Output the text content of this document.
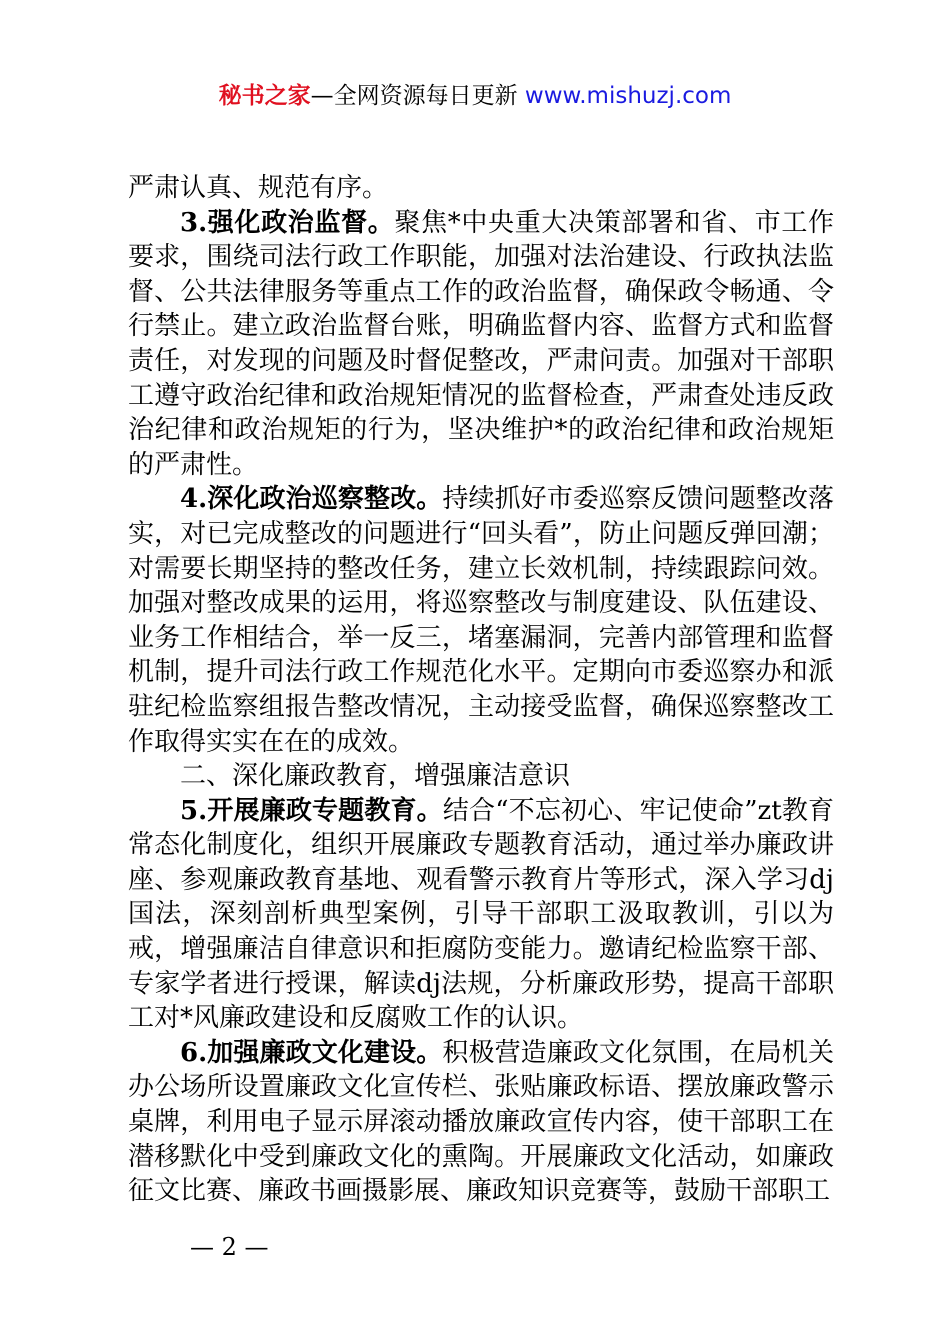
秘书之家—全网资源每日更新 www.mishuzj.com

严肃认真、规范有序。

3.强化政治监督。聚焦*中央重大决策部署和省、市工作要求，围绕司法行政工作职能，加强对法治建设、行政执法监督、公共法律服务等重点工作的政治监督，确保政令畅通、令行禁止。建立政治监督台账，明确监督内容、监督方式和监督责任，对发现的问题及时督促整改，严肃问责。加强对干部职工遵守政治纪律和政治规矩情况的监督检查，严肃查处违反政治纪律和政治规矩的行为，坚决维护*的政治纪律和政治规矩的严肃性。

4.深化政治巡察整改。持续抓好市委巡察反馈问题整改落实，对已完成整改的问题进行“回头看”，防止问题反弹回潮；对需要长期坚持的整改任务，建立长效机制，持续跟踪问效。加强对整改成果的运用，将巡察整改与制度建设、队伍建设、业务工作相结合，举一反三，堵塞漏洞，完善内部管理和监督机制，提升司法行政工作规范化水平。定期向市委巡察办和派驻纪检监察组报告整改情况，主动接受监督，确保巡察整改工作取得实实在在的成效。

二、深化廉政教育，增强廉洁意识

5.开展廉政专题教育。结合“不忘初心、牢记使命”zt教育常态化制度化，组织开展廉政专题教育活动，通过举办廉政讲座、参观廉政教育基地、观看警示教育片等形式，深入学习dj国法，深刻剖析典型案例，引导干部职工汲取教训，引以为戒，增强廉洁自律意识和拒腐防变能力。邀请纪检监察干部、专家学者进行授课，解读dj法规，分析廉政形势，提高干部职工对*风廉政建设和反腐败工作的认识。

6.加强廉政文化建设。积极营造廉政文化氛围，在局机关办公场所设置廉政文化宣传栏、张贴廉政标语、摆放廉政警示桌牌，利用电子显示屏滚动播放廉政宣传内容，使干部职工在潜移默化中受到廉政文化的熏陶。开展廉政文化活动，如廉政征文比赛、廉政书画摄影展、廉政知识竞赛等，鼓励干部职工

— 2 —
